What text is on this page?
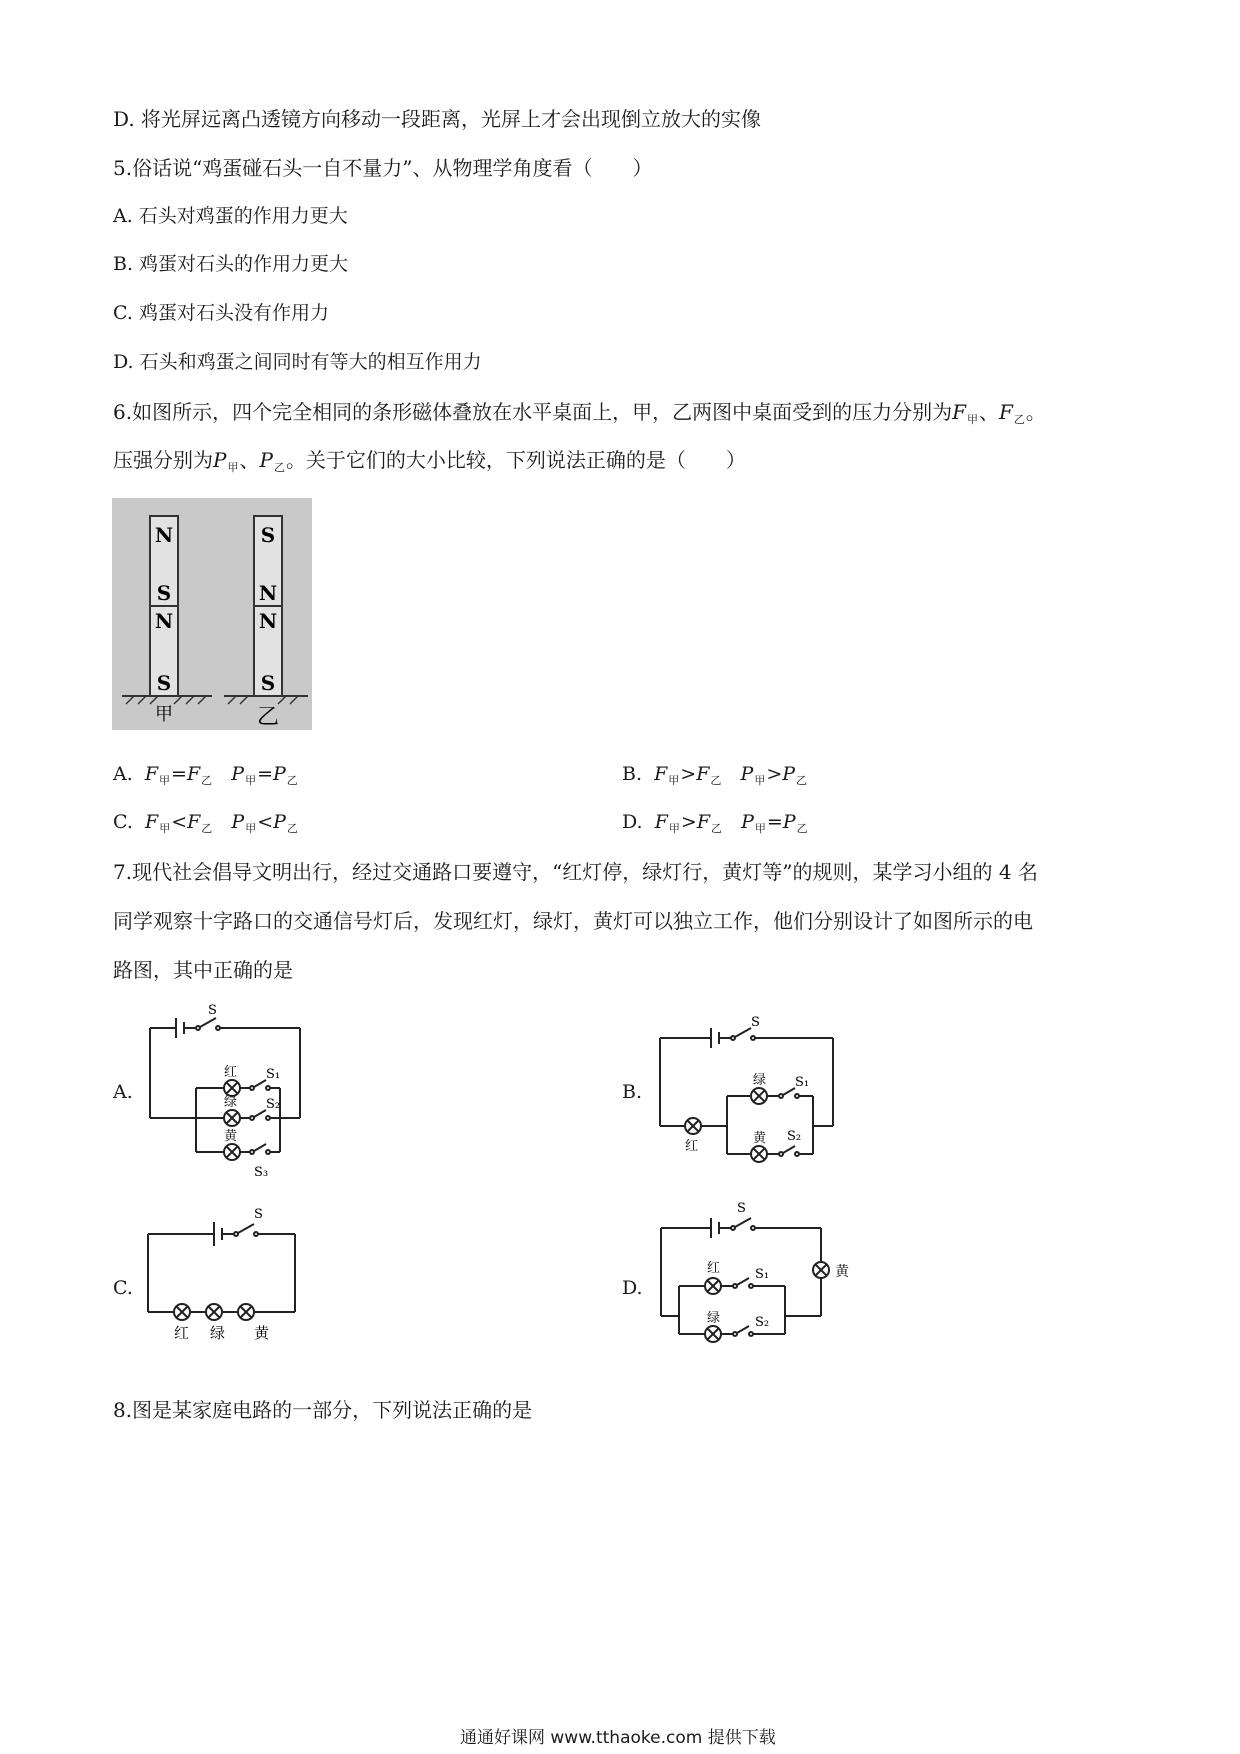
D. 将光屏远离凸透镜方向移动一段距离，光屏上才会出现倒立放大的实像
5.俗话说“鸡蛋碰石头一自不量力”、从物理学角度看（　　）
A. 石头对鸡蛋的作用力更大
B. 鸡蛋对石头的作用力更大
C. 鸡蛋对石头没有作用力
D. 石头和鸡蛋之间同时有等大的相互作用力
6.如图所示，四个完全相同的条形磁体叠放在水平桌面上，甲，乙两图中桌面受到的压力分别为$F_甲$、$F_乙$。
压强分别为$P_甲$、$P_乙$。关于它们的大小比较，下列说法正确的是（　　）
N
S
N
S
S
N
N
S
甲	乙
A. $F_甲=F_乙$ $P_甲=P_乙$	B. $F_甲>F_乙$ $P_甲>P_乙$
C. $F_甲<F_乙$ $P_甲<P_乙$	D. $F_甲>F_乙$ $P_甲=P_乙$
7.现代社会倡导文明出行，经过交通路口要遵守，“红灯停，绿灯行，黄灯等”的规则，某学习小组的 4 名
同学观察十字路口的交通信号灯后，发现红灯，绿灯，黄灯可以独立工作，他们分别设计了如图所示的电
路图，其中正确的是
A.	B.
C.	D.
S
红 S₁
绿 S₂
黄
S₃
S
红
绿 S₁
黄 S₂
S
红 绿 黄
S
黄
红	S₁
绿	S₂
8.图是某家庭电路的一部分，下列说法正确的是
通通好课网 www.tthaoke.com 提供下载
